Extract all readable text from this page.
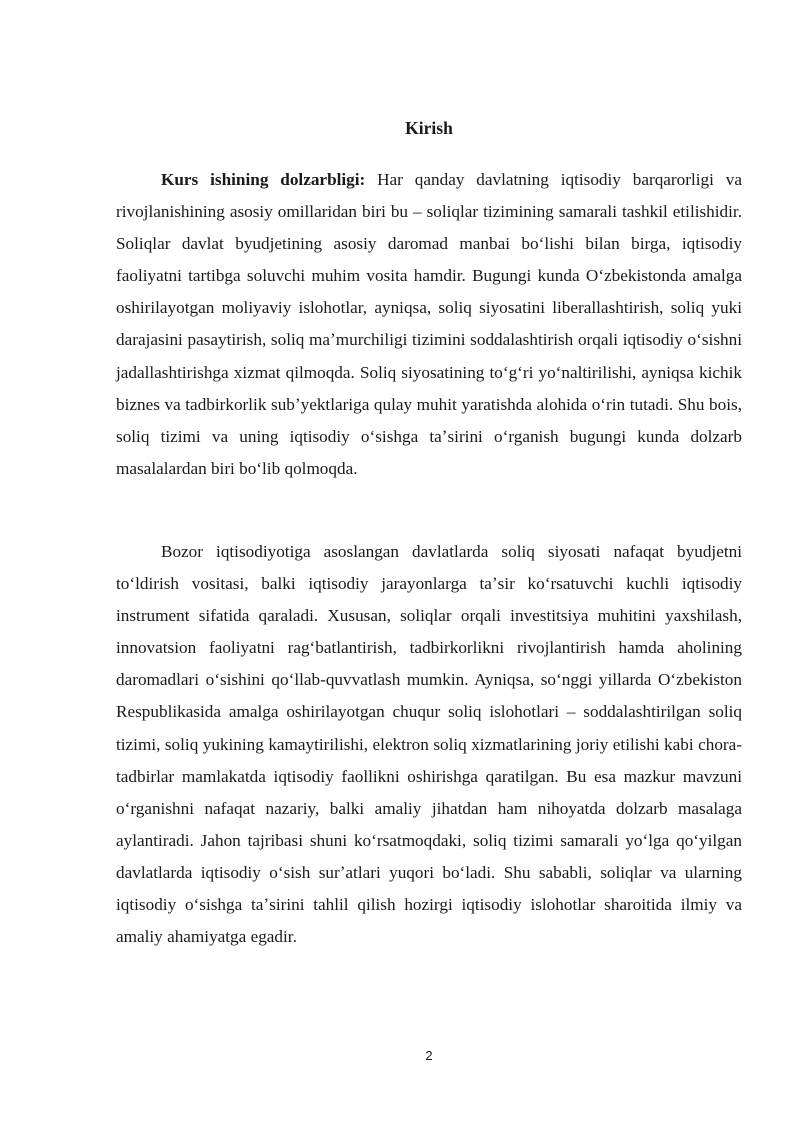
Kirish

Kurs ishining dolzarbligi: Har qanday davlatning iqtisodiy barqarorligi va rivojlanishining asosiy omillaridan biri bu – soliqlar tizimining samarali tashkil etilishidir. Soliqlar davlat byudjetining asosiy daromad manbai boʻlishi bilan birga, iqtisodiy faoliyatni tartibga soluvchi muhim vosita hamdir. Bugungi kunda Oʻzbekistonda amalga oshirilayotgan moliyaviy islohotlar, ayniqsa, soliq siyosatini liberallashtirish, soliq yuki darajasini pasaytirish, soliq maʼmurchiligi tizimini soddalashtirish orqali iqtisodiy oʻsishni jadallashtirishga xizmat qilmoqda. Soliq siyosatining toʻgʻri yoʻnaltirilishi, ayniqsa kichik biznes va tadbirkorlik subʼyektlariga qulay muhit yaratishda alohida oʻrin tutadi. Shu bois, soliq tizimi va uning iqtisodiy oʻsishga taʼsirini oʻrganish bugungi kunda dolzarb masalalardan biri boʻlib qolmoqda.

Bozor iqtisodiyotiga asoslangan davlatlarda soliq siyosati nafaqat byudjetni toʻldirish vositasi, balki iqtisodiy jarayonlarga taʼsir koʻrsatuvchi kuchli iqtisodiy instrument sifatida qaraladi. Xususan, soliqlar orqali investitsiya muhitini yaxshilash, innovatsion faoliyatni ragʻbatlantirish, tadbirkorlikni rivojlantirish hamda aholining daromadlari oʻsishini qoʻllab-quvvatlash mumkin. Ayniqsa, soʻnggi yillarda Oʻzbekiston Respublikasida amalga oshirilayotgan chuqur soliq islohotlari – soddalashtirilgan soliq tizimi, soliq yukining kamaytirilishi, elektron soliq xizmatlarining joriy etilishi kabi chora-tadbirlar mamlakatda iqtisodiy faollikni oshirishga qaratilgan. Bu esa mazkur mavzuni oʻrganishni nafaqat nazariy, balki amaliy jihatdan ham nihoyatda dolzarb masalaga aylantiradi. Jahon tajribasi shuni koʻrsatmoqdaki, soliq tizimi samarali yoʻlga qoʻyilgan davlatlarda iqtisodiy oʻsish surʼatlari yuqori boʻladi. Shu sababli, soliqlar va ularning iqtisodiy oʻsishga taʼsirini tahlil qilish hozirgi iqtisodiy islohotlar sharoitida ilmiy va amaliy ahamiyatga egadir.

2
